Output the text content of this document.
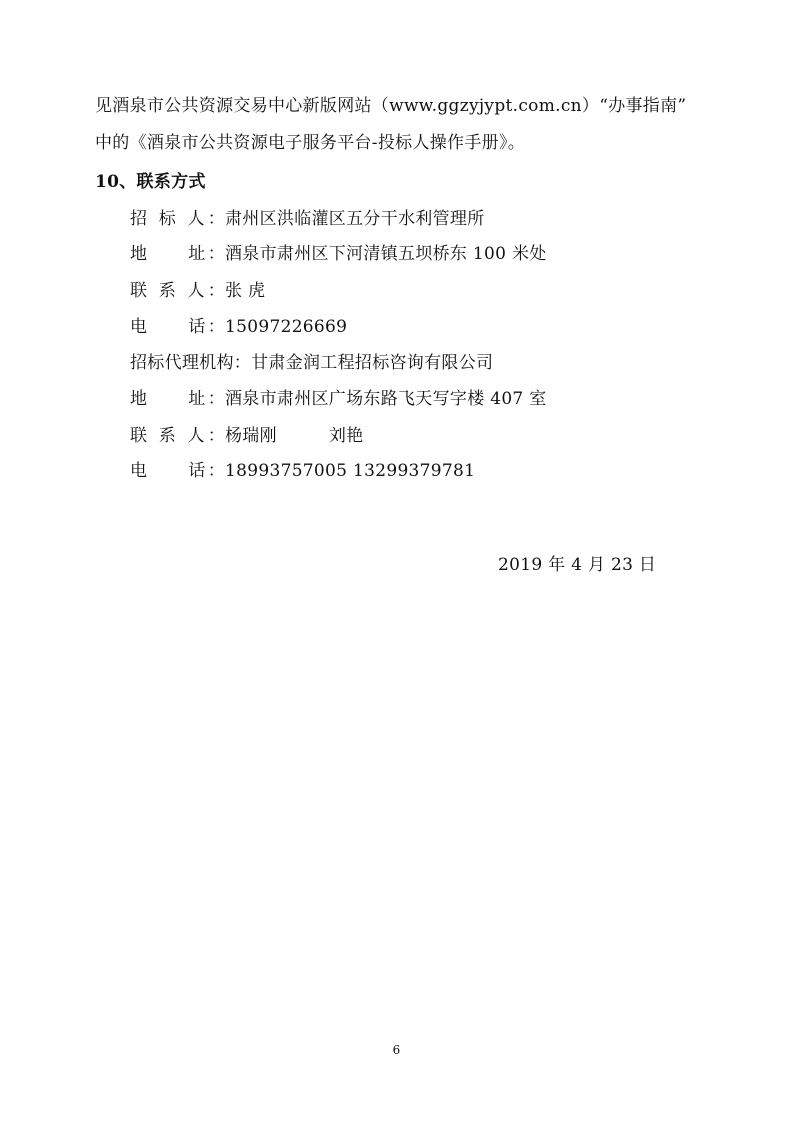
见酒泉市公共资源交易中心新版网站（www.ggzyjypt.com.cn）“办事指南”
中的《酒泉市公共资源电子服务平台-投标人操作手册》。
10、联系方式
招 标 人：肃州区洪临灌区五分干水利管理所
地　　址：酒泉市肃州区下河清镇五坝桥东 100 米处
联 系 人：张 虎
电　　话：15097226669
招标代理机构：甘肃金润工程招标咨询有限公司
地　　址：酒泉市肃州区广场东路飞天写字楼 407 室
联 系 人：杨瑞刚	刘艳
电　　话：18993757005 13299379781
2019 年 4 月 23 日
6
